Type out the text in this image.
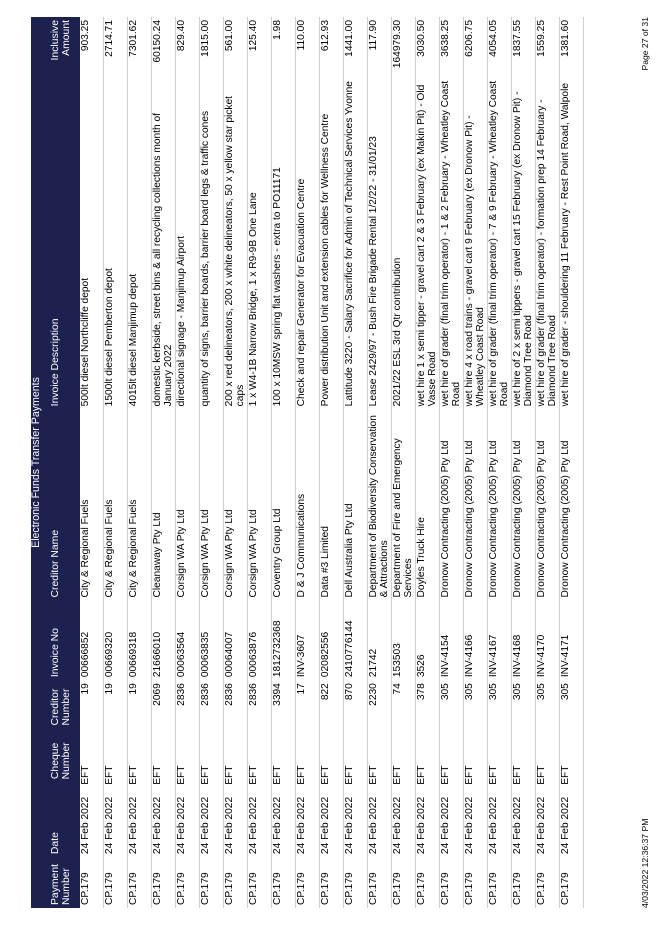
Electronic Funds Transfer Payments							
Payment Number	Date	Cheque Number	Creditor Number	Invoice No	Creditor Name	Invoice Description	Inclusive Amount
CP.179	24 Feb 2022	EFT	19	00666852	City & Regional Fuels	500lt diesel Northcliffe depot	903.25
CP.179	24 Feb 2022	EFT	19	00669320	City & Regional Fuels	1500lt diesel Pemberton depot	2714.71
CP.179	24 Feb 2022	EFT	19	00669318	City & Regional Fuels	4015lt diesel Manjimup depot	7301.62
CP.179	24 Feb 2022	EFT	2069	21666010	Cleanaway Pty Ltd	domestic kerbside, street bins & all recycling collections month of January 2022	60150.24
CP.179	24 Feb 2022	EFT	2836	00063564	Corsign WA Pty Ltd	directional signage - Manjimup Airport	829.40
CP.179	24 Feb 2022	EFT	2836	00063835	Corsign WA Pty Ltd	quantity of signs, barrier boards, barrier board legs & traffic cones	1815.00
CP.179	24 Feb 2022	EFT	2836	00064007	Corsign WA Pty Ltd	200 x red delineators, 200 x white delineators, 50 x yellow star picket caps	561.00
CP.179	24 Feb 2022	EFT	2836	00063876	Corsign WA Pty Ltd	1 x W4-1B Narrow Bridge, 1 x R9-9B One Lane	125.40
CP.179	24 Feb 2022	EFT	3394	1812732368	Coventry Group Ltd	100 x 10MSW spring flat washers - extra to PO11171	1.98
CP.179	24 Feb 2022	EFT	17	INV-3607	D & J Communications	Check and repair Generator for Evacuation Centre	110.00
CP.179	24 Feb 2022	EFT	822	02082556	Data #3 Limited	Power distribution Unit and extension cables for Wellness Centre	612.93
CP.179	24 Feb 2022	EFT	870	2410776144	Dell Australia Pty Ltd	Lattitude 3220 - Salary Sacrifice for Admin of Technical Services Yvonne	1441.00
CP.179	24 Feb 2022	EFT	2230	21742	Department of Biodiversity Conservation & Attractions	Lease 2429/97 - Bush Fire Brigade Rental 1/2/22 - 31/01/23	117.90
CP.179	24 Feb 2022	EFT	74	153503	Department of Fire and Emergency Services	2021/22 ESL 3rd Qtr contribution	164979.30
CP.179	24 Feb 2022	EFT	378	3526	Doyles Truck Hire	wet hire 1 x semi tipper - gravel cart 2 & 3 February (ex Makin Pit) - Old Vasse Road	3030.50
CP.179	24 Feb 2022	EFT	305	INV-4154	Dronow Contracting (2005) Pty Ltd	wet hire of grader (final trim operator) - 1 & 2 February - Wheatley Coast Road	3638.25
CP.179	24 Feb 2022	EFT	305	INV-4166	Dronow Contracting (2005) Pty Ltd	wet hire 4 x road trains - gravel cart 9 February (ex Dronow Pit) - Wheatley Coast Road	6206.75
CP.179	24 Feb 2022	EFT	305	INV-4167	Dronow Contracting (2005) Pty Ltd	wet hire of grader (final trim operator) - 7 & 9 February - Wheatley Coast Road	4054.05
CP.179	24 Feb 2022	EFT	305	INV-4168	Dronow Contracting (2005) Pty Ltd	wet hire of 2 x semi tippers - gravel cart 15 February (ex Dronow Pit) - Diamond Tree Road	1837.55
CP.179	24 Feb 2022	EFT	305	INV-4170	Dronow Contracting (2005) Pty Ltd	wet hire of grader (final trim operator) - formation prep 14 February - Diamond Tree Road	1559.25
CP.179	24 Feb 2022	EFT	305	INV-4171	Dronow Contracting (2005) Pty Ltd	wet hire of grader - shouldering 11 February - Rest Point Road, Walpole	1381.60
4/03/2022 12:36:37 PM
Page 27 of 31
